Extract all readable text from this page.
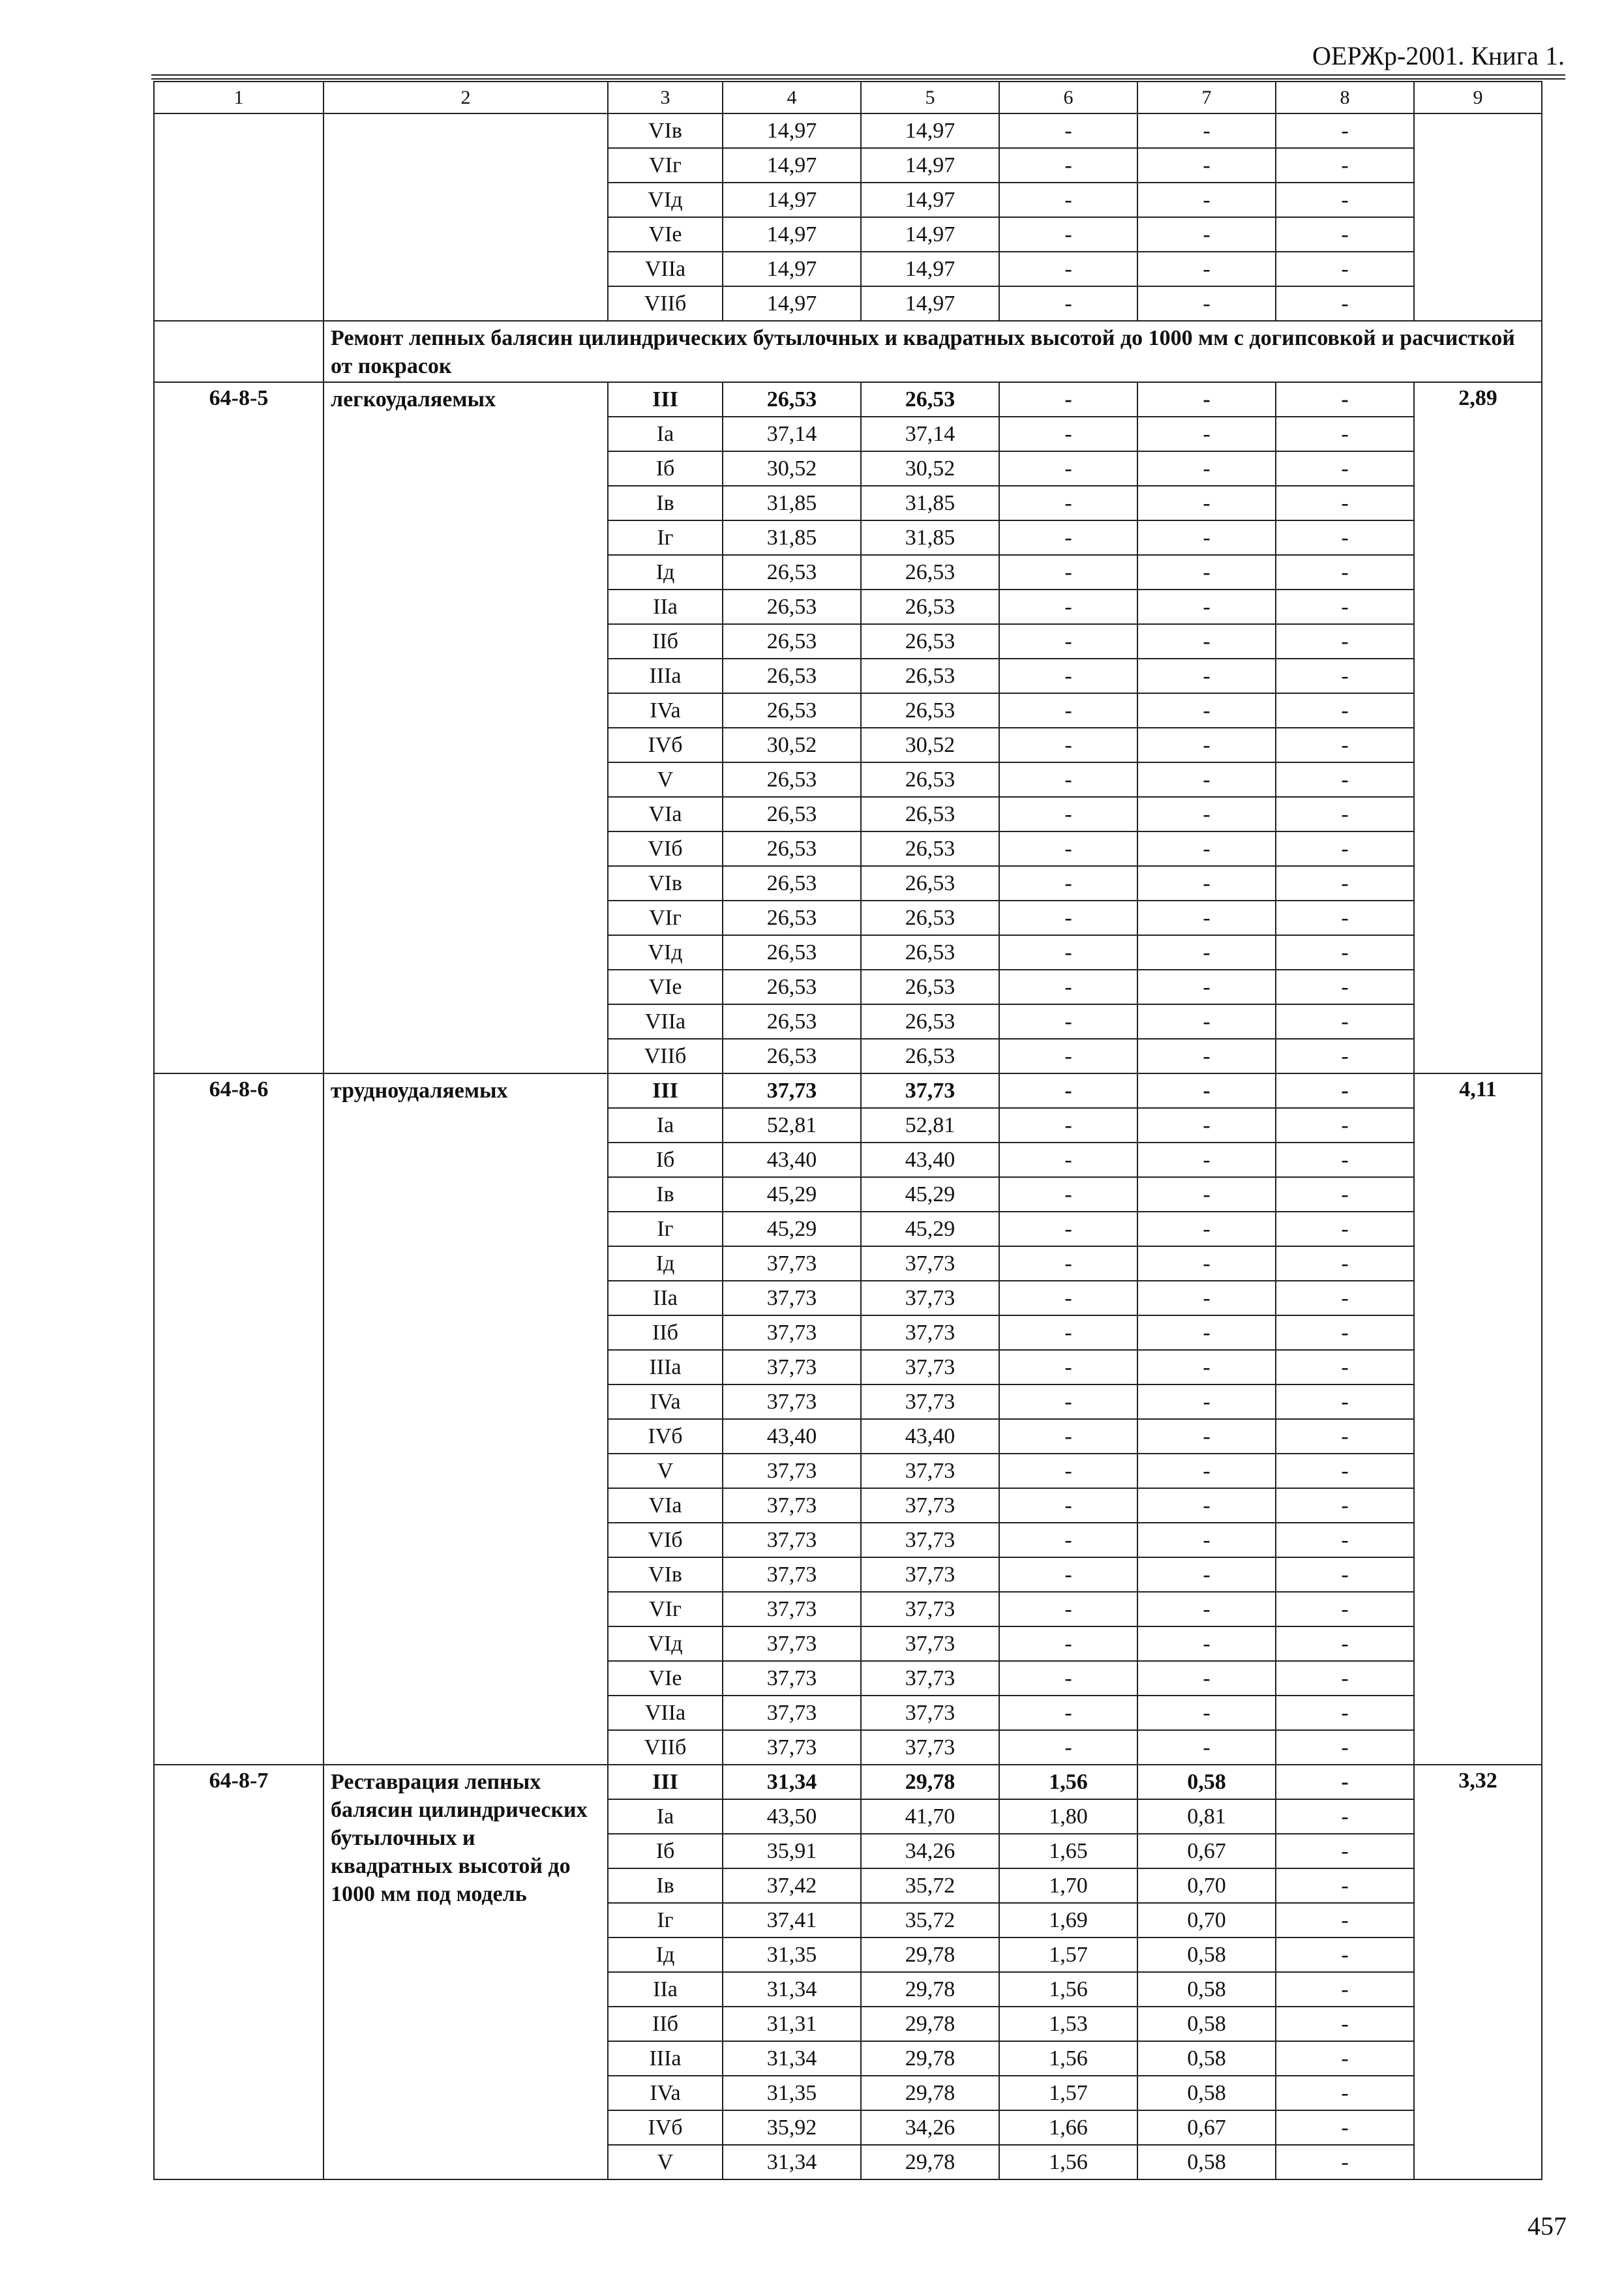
ОЕРЖр-2001. Книга 1.
1	2	3	4	5	6	7	8	9
		VIв	14,97	14,97	-	-	-	
		VIг	14,97	14,97	-	-	-	
		VIд	14,97	14,97	-	-	-	
		VIе	14,97	14,97	-	-	-	
		VIIa	14,97	14,97	-	-	-	
		VIIб	14,97	14,97	-	-	-	
	Ремонт лепных балясин цилиндрических бутылочных и квадратных высотой до 1000 мм с догипсовкой и расчисткой от покрасок							
64-8-5	легкоудаляемых	III	26,53	26,53	-	-	-	2,89
		Ia	37,14	37,14	-	-	-	
		Iб	30,52	30,52	-	-	-	
		Iв	31,85	31,85	-	-	-	
		Iг	31,85	31,85	-	-	-	
		Iд	26,53	26,53	-	-	-	
		IIa	26,53	26,53	-	-	-	
		IIб	26,53	26,53	-	-	-	
		IIIa	26,53	26,53	-	-	-	
		IVa	26,53	26,53	-	-	-	
		IVб	30,52	30,52	-	-	-	
		V	26,53	26,53	-	-	-	
		VIa	26,53	26,53	-	-	-	
		VIб	26,53	26,53	-	-	-	
		VIв	26,53	26,53	-	-	-	
		VIг	26,53	26,53	-	-	-	
		VIд	26,53	26,53	-	-	-	
		VIе	26,53	26,53	-	-	-	
		VIIa	26,53	26,53	-	-	-	
		VIIб	26,53	26,53	-	-	-	
64-8-6	трудноудаляемых	III	37,73	37,73	-	-	-	4,11
		Ia	52,81	52,81	-	-	-	
		Iб	43,40	43,40	-	-	-	
		Iв	45,29	45,29	-	-	-	
		Iг	45,29	45,29	-	-	-	
		Iд	37,73	37,73	-	-	-	
		IIa	37,73	37,73	-	-	-	
		IIб	37,73	37,73	-	-	-	
		IIIa	37,73	37,73	-	-	-	
		IVa	37,73	37,73	-	-	-	
		IVб	43,40	43,40	-	-	-	
		V	37,73	37,73	-	-	-	
		VIa	37,73	37,73	-	-	-	
		VIб	37,73	37,73	-	-	-	
		VIв	37,73	37,73	-	-	-	
		VIг	37,73	37,73	-	-	-	
		VIд	37,73	37,73	-	-	-	
		VIе	37,73	37,73	-	-	-	
		VIIa	37,73	37,73	-	-	-	
		VIIб	37,73	37,73	-	-	-	
64-8-7	Реставрация лепных балясин цилиндрических бутылочных и квадратных высотой до 1000 мм под модель	III	31,34	29,78	1,56	0,58	-	3,32
		Ia	43,50	41,70	1,80	0,81	-	
		Iб	35,91	34,26	1,65	0,67	-	
		Iв	37,42	35,72	1,70	0,70	-	
		Iг	37,41	35,72	1,69	0,70	-	
		Iд	31,35	29,78	1,57	0,58	-	
		IIa	31,34	29,78	1,56	0,58	-	
		IIб	31,31	29,78	1,53	0,58	-	
		IIIa	31,34	29,78	1,56	0,58	-	
		IVa	31,35	29,78	1,57	0,58	-	
		IVб	35,92	34,26	1,66	0,67	-	
		V	31,34	29,78	1,56	0,58	-	
457
